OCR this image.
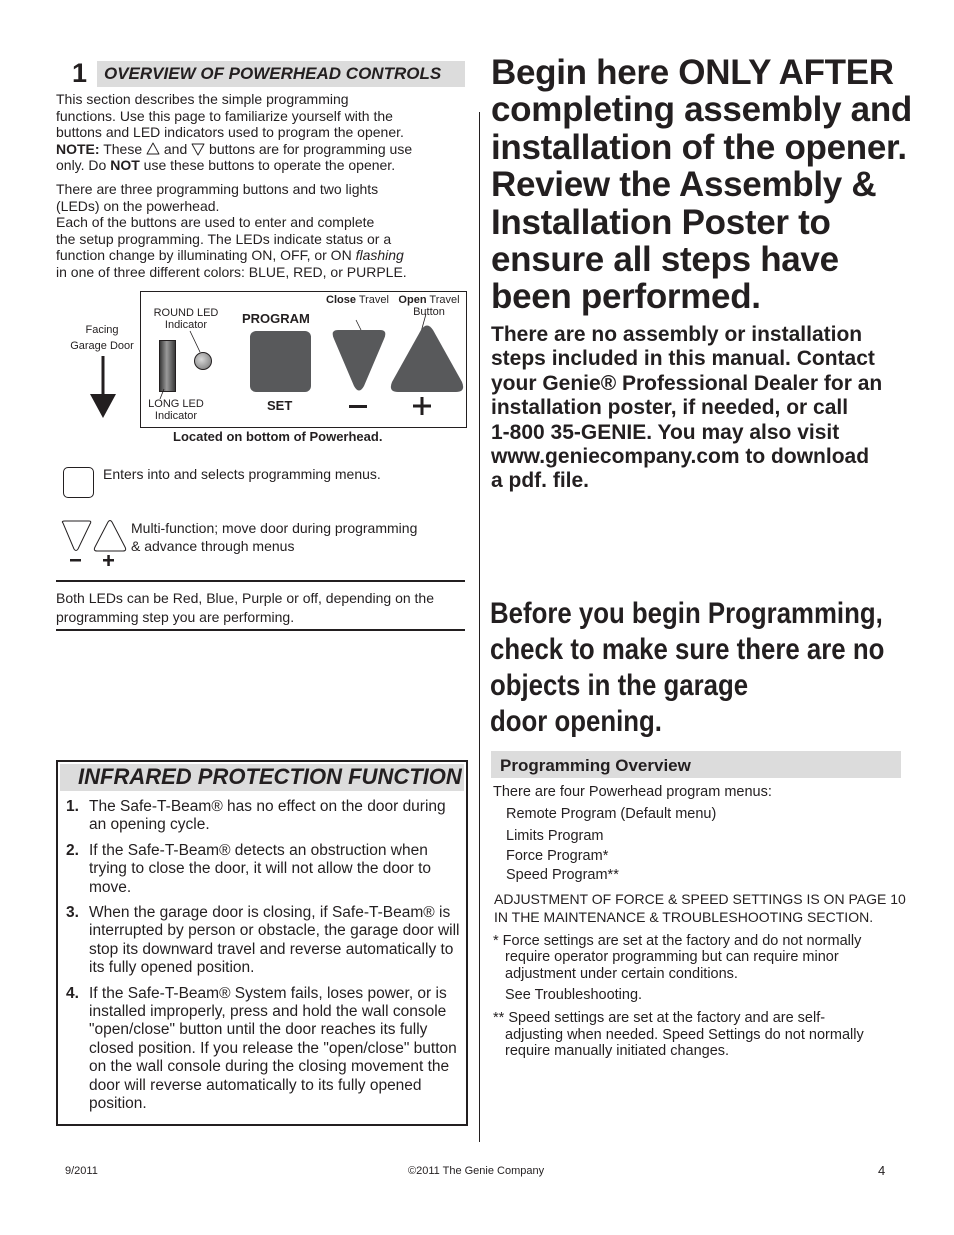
1 OVERVIEW OF POWERHEAD CONTROLS
This section describes the simple programming
functions. Use this page to familiarize yourself with the
buttons and LED indicators used to program the opener.
NOTE: These  and  buttons are for programming use
only. Do NOT use these buttons to operate the opener.
There are three programming buttons and two lights
(LEDs) on the powerhead.
Each of the buttons are used to enter and complete
the setup programming. The LEDs indicate status or a
function change by illuminating ON, OFF, or ON flashing
in one of three different colors: BLUE, RED, or PURPLE.
Facing
Garage Door
ROUND LED
Indicator
LONG LED
Indicator
PROGRAM
SET
Close Travel Open Travel
Button
Located on bottom of Powerhead.
Enters into and selects programming menus.
Multi-function; move door during programming
& advance through menus
Both LEDs can be Red, Blue, Purple or off, depending on the
programming step you are performing.
INFRARED PROTECTION FUNCTION
1. The Safe-T-Beam® has no effect on the door during an opening cycle.
2. If the Safe-T-Beam® detects an obstruction when trying to close the door, it will not allow the door to move.
3. When the garage door is closing, if Safe-T-Beam® is interrupted by person or obstacle, the garage door will stop its downward travel and reverse automatically to its fully opened position.
4. If the Safe-T-Beam® System fails, loses power, or is installed improperly, press and hold the wall console "open/close" button until the door reaches its fully closed position. If you release the "open/close" button on the wall console during the closing movement the door will reverse automatically to its fully opened position.
Begin here ONLY AFTER
completing assembly and
installation of the opener.
Review the Assembly &
Installation Poster to
ensure all steps have
been performed.
There are no assembly or installation
steps included in this manual. Contact
your Genie® Professional Dealer for an
installation poster, if needed, or call
1-800 35-GENIE. You may also visit
www.geniecompany.com to download
a pdf. file.
Before you begin Programming,
check to make sure there are no
objects in the garage
door opening.
Programming Overview
There are four Powerhead program menus:
Remote Program (Default menu)
Limits Program
Force Program*
Speed Program**
ADJUSTMENT OF FORCE & SPEED SETTINGS IS ON PAGE 10
IN THE MAINTENANCE & TROUBLESHOOTING SECTION.
* Force settings are set at the factory and do not normally
require operator programming but can require minor
adjustment under certain conditions.
See Troubleshooting.
** Speed settings are set at the factory and are self-
adjusting when needed. Speed Settings do not normally
require manually initiated changes.
9/2011	©2011 The Genie Company	4
